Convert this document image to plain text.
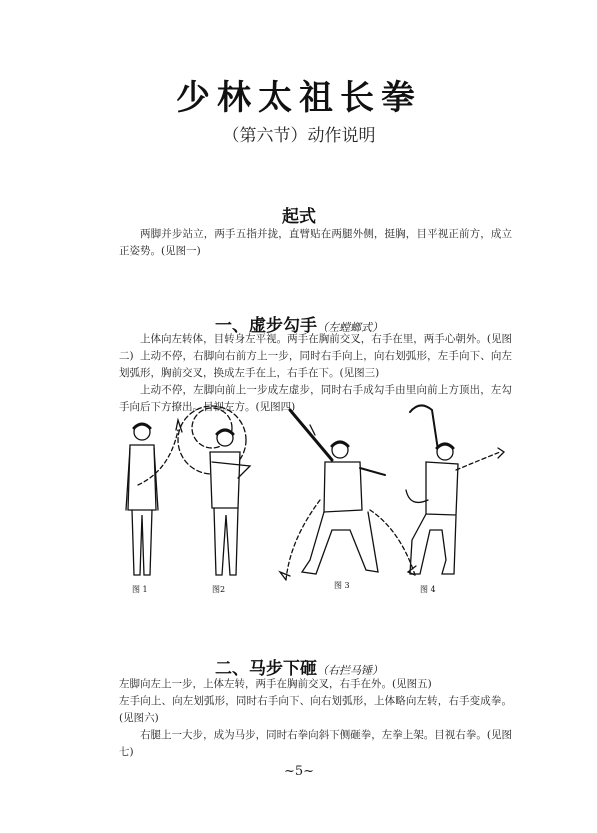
少林太祖长拳
（第六节）动作说明
起式

两脚并步站立，两手五指并拢，直臂贴在两腿外侧，挺胸，目平视正前方，成立正姿势。(见图一)

一、虚步勾手（左螳螂式）

上体向左转体，目转身左平视。两手在胸前交叉，右手在里，两手心朝外。(见图二) 上动不停，右脚向右前方上一步，同时右手向上，向右划弧形，左手向下、向左划弧形，胸前交叉，换成左手在上，右手在下。(见图三)

上动不停，左脚向前上一步成左虚步，同时右手成勾手由里向前上方顶出，左勾手向后下方撩出。目视左方。(见图四)

图 1	图2	图 3	图 4
二、马步下砸（右拦马锤）

左脚向左上一步，上体左转，两手在胸前交叉，右手在外。(见图五)

左手向上、向左划弧形，同时右手向下、向右划弧形，上体略向左转，右手变成拳。(见图六)

右腿上一大步，成为马步，同时右拳向斜下侧砸拳，左拳上架。目视右拳。(见图七)

~5~
